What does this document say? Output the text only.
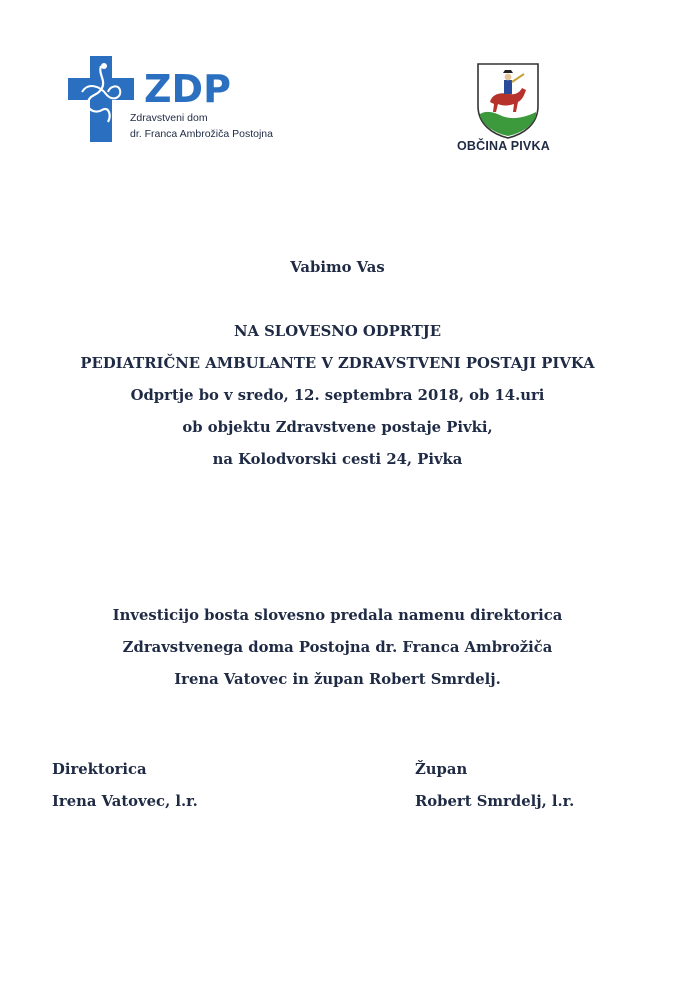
ZDP
Zdravstveni dom
dr. Franca Ambrožiča Postojna
OBČINA PIVKA
Vabimo Vas
NA SLOVESNO ODPRTJE
PEDIATRIČNE AMBULANTE V ZDRAVSTVENI POSTAJI PIVKA
Odprtje bo v sredo, 12. septembra 2018, ob 14.uri
ob objektu Zdravstvene postaje Pivki,
na Kolodvorski cesti 24, Pivka
Investicijo bosta slovesno predala namenu direktorica
Zdravstvenega doma Postojna dr. Franca Ambrožiča
Irena Vatovec in župan Robert Smrdelj.
Direktorica
Irena Vatovec, l.r.
Župan
Robert Smrdelj, l.r.
